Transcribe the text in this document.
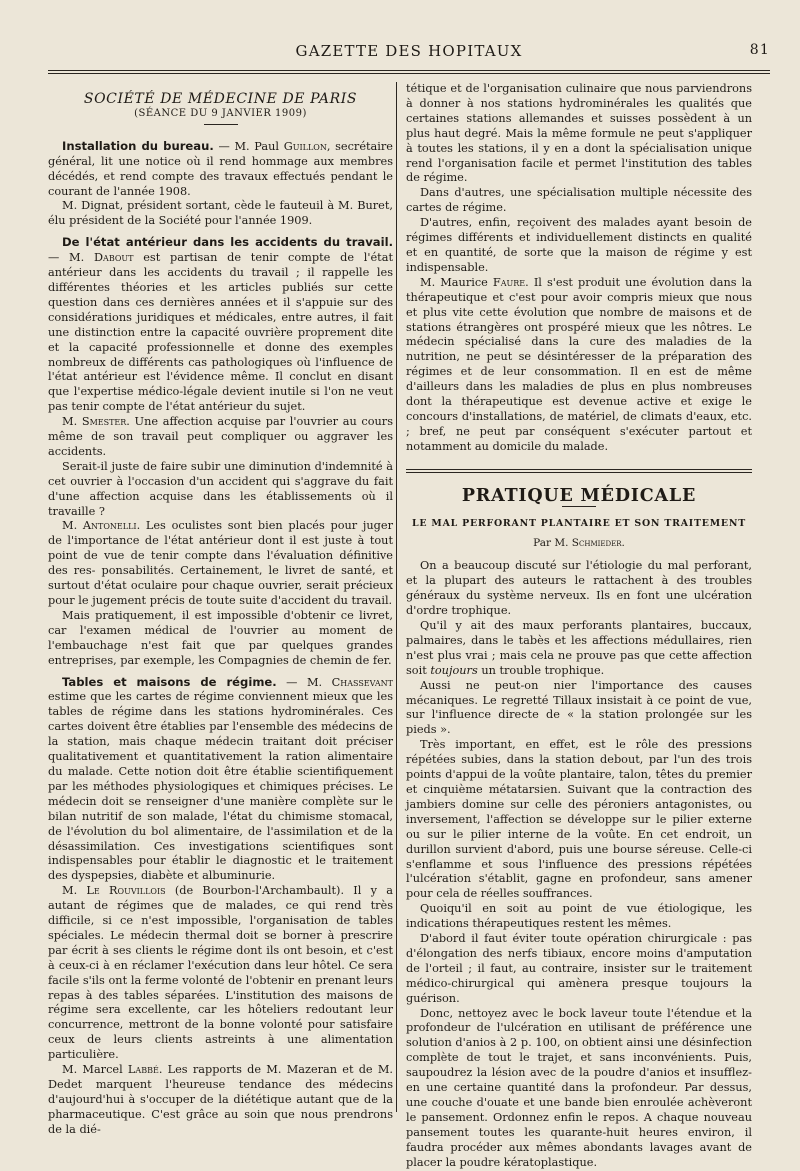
GAZETTE DES HOPITAUX	81
SOCIÉTÉ DE MÉDECINE DE PARIS
(SÉANCE DU 9 JANVIER 1909)

Installation du bureau. — M. Paul Guillon, secrétaire général, lit une notice où il rend hommage aux membres décédés, et rend compte des travaux effectués pendant le courant de l'année 1908.

M. Dignat, président sortant, cède le fauteuil à M. Buret, élu président de la Société pour l'année 1909.

De l'état antérieur dans les accidents du travail. — M. Dabout est partisan de tenir compte de l'état antérieur dans les accidents du travail ; il rappelle les différentes théories et les articles publiés sur cette question dans ces dernières années et il s'appuie sur des considérations juridiques et médicales, entre autres, il fait une distinction entre la capacité ouvrière proprement dite et la capacité professionnelle et donne des exemples nombreux de différents cas pathologiques où l'influence de l'état antérieur est l'évidence même. Il conclut en disant que l'expertise médico-légale devient inutile si l'on ne veut pas tenir compte de l'état antérieur du sujet.

M. Smester. Une affection acquise par l'ouvrier au cours même de son travail peut compliquer ou aggraver les accidents.

Serait-il juste de faire subir une diminution d'indemnité à cet ouvrier à l'occasion d'un accident qui s'aggrave du fait d'une affection acquise dans les établissements où il travaille ?

M. Antonelli. Les oculistes sont bien placés pour juger de l'importance de l'état antérieur dont il est juste à tout point de vue de tenir compte dans l'évaluation définitive des res- ponsabilités. Certainement, le livret de santé, et surtout d'état oculaire pour chaque ouvrier, serait précieux pour le jugement précis de toute suite d'accident du travail.

Mais pratiquement, il est impossible d'obtenir ce livret, car l'examen médical de l'ouvrier au moment de l'embauchage n'est fait que par quelques grandes entreprises, par exemple, les Compagnies de chemin de fer.

Tables et maisons de régime. — M. Chassevant estime que les cartes de régime conviennent mieux que les tables de régime dans les stations hydrominérales. Ces cartes doivent être établies par l'ensemble des médecins de la station, mais chaque médecin traitant doit préciser qualitativement et quantitativement la ration alimentaire du malade. Cette notion doit être établie scientifiquement par les méthodes physiologiques et chimiques précises. Le médecin doit se renseigner d'une manière complète sur le bilan nutritif de son malade, l'état du chimisme stomacal, de l'évolution du bol alimentaire, de l'assimilation et de la désassimilation. Ces investigations scientifiques sont indispensables pour établir le diagnostic et le traitement des dyspepsies, diabète et albuminurie.

M. Le Rouvillois (de Bourbon-l'Archambault). Il y a autant de régimes que de malades, ce qui rend très difficile, si ce n'est impossible, l'organisation de tables spéciales. Le médecin thermal doit se borner à prescrire par écrit à ses clients le régime dont ils ont besoin, et c'est à ceux-ci à en réclamer l'exécution dans leur hôtel. Ce sera facile s'ils ont la ferme volonté de l'obtenir en prenant leurs repas à des tables séparées. L'institution des maisons de régime sera excellente, car les hôteliers redoutant leur concurrence, mettront de la bonne volonté pour satisfaire ceux de leurs clients astreints à une alimentation particulière.

M. Marcel Labbé. Les rapports de M. Mazeran et de M. Dedet marquent l'heureuse tendance des médecins d'aujourd'hui à s'occuper de la diététique autant que de la pharmaceutique. C'est grâce au soin que nous prendrons de la dié-

tétique et de l'organisation culinaire que nous parviendrons à donner à nos stations hydrominérales les qualités que certaines stations allemandes et suisses possèdent à un plus haut degré. Mais la même formule ne peut s'appliquer à toutes les stations, il y en a dont la spécialisation unique rend l'organisation facile et permet l'institution des tables de régime.

Dans d'autres, une spécialisation multiple nécessite des cartes de régime.

D'autres, enfin, reçoivent des malades ayant besoin de régimes différents et individuellement distincts en qualité et en quantité, de sorte que la maison de régime y est indispensable.

M. Maurice Faure. Il s'est produit une évolution dans la thérapeutique et c'est pour avoir compris mieux que nous et plus vite cette évolution que nombre de maisons et de stations étrangères ont prospéré mieux que les nôtres. Le médecin spécialisé dans la cure des maladies de la nutrition, ne peut se désintéresser de la préparation des régimes et de leur consommation. Il en est de même d'ailleurs dans les maladies de plus en plus nombreuses dont la thérapeutique est devenue active et exige le concours d'installations, de matériel, de climats d'eaux, etc. ; bref, ne peut par conséquent s'exécuter partout et notamment au domicile du malade.

PRATIQUE MÉDICALE
LE MAL PERFORANT PLANTAIRE ET SON TRAITEMENT
Par M. Schmieder.

On a beaucoup discuté sur l'étiologie du mal perforant, et la plupart des auteurs le rattachent à des troubles généraux du système nerveux. Ils en font une ulcération d'ordre trophique.

Qu'il y ait des maux perforants plantaires, buccaux, palmaires, dans le tabès et les affections médullaires, rien n'est plus vrai ; mais cela ne prouve pas que cette affection soit toujours un trouble trophique.

Aussi ne peut-on nier l'importance des causes mécaniques. Le regretté Tillaux insistait à ce point de vue, sur l'influence directe de « la station prolongée sur les pieds ».

Très important, en effet, est le rôle des pressions répétées subies, dans la station debout, par l'un des trois points d'appui de la voûte plantaire, talon, têtes du premier et cinquième métatarsien. Suivant que la contraction des jambiers domine sur celle des péroniers antagonistes, ou inversement, l'affection se développe sur le pilier externe ou sur le pilier interne de la voûte. En cet endroit, un durillon survient d'abord, puis une bourse séreuse. Celle-ci s'enflamme et sous l'influence des pressions répétées l'ulcération s'établit, gagne en profondeur, sans amener pour cela de réelles souffrances.

Quoiqu'il en soit au point de vue étiologique, les indications thérapeutiques restent les mêmes.

D'abord il faut éviter toute opération chirurgicale : pas d'élongation des nerfs tibiaux, encore moins d'amputation de l'orteil ; il faut, au contraire, insister sur le traitement médico-chirurgical qui amènera presque toujours la guérison.

Donc, nettoyez avec le bock laveur toute l'étendue et la profondeur de l'ulcération en utilisant de préférence une solution d'anios à 2 p. 100, on obtient ainsi une désinfection complète de tout le trajet, et sans inconvénients. Puis, saupoudrez la lésion avec de la poudre d'anios et insufflez-en une certaine quantité dans la profondeur. Par dessus, une couche d'ouate et une bande bien enroulée achèveront le pansement. Ordonnez enfin le repos. A chaque nouveau pansement toutes les quarante-huit heures environ, il faudra procéder aux mêmes abondants lavages avant de placer la poudre kératoplastique.
